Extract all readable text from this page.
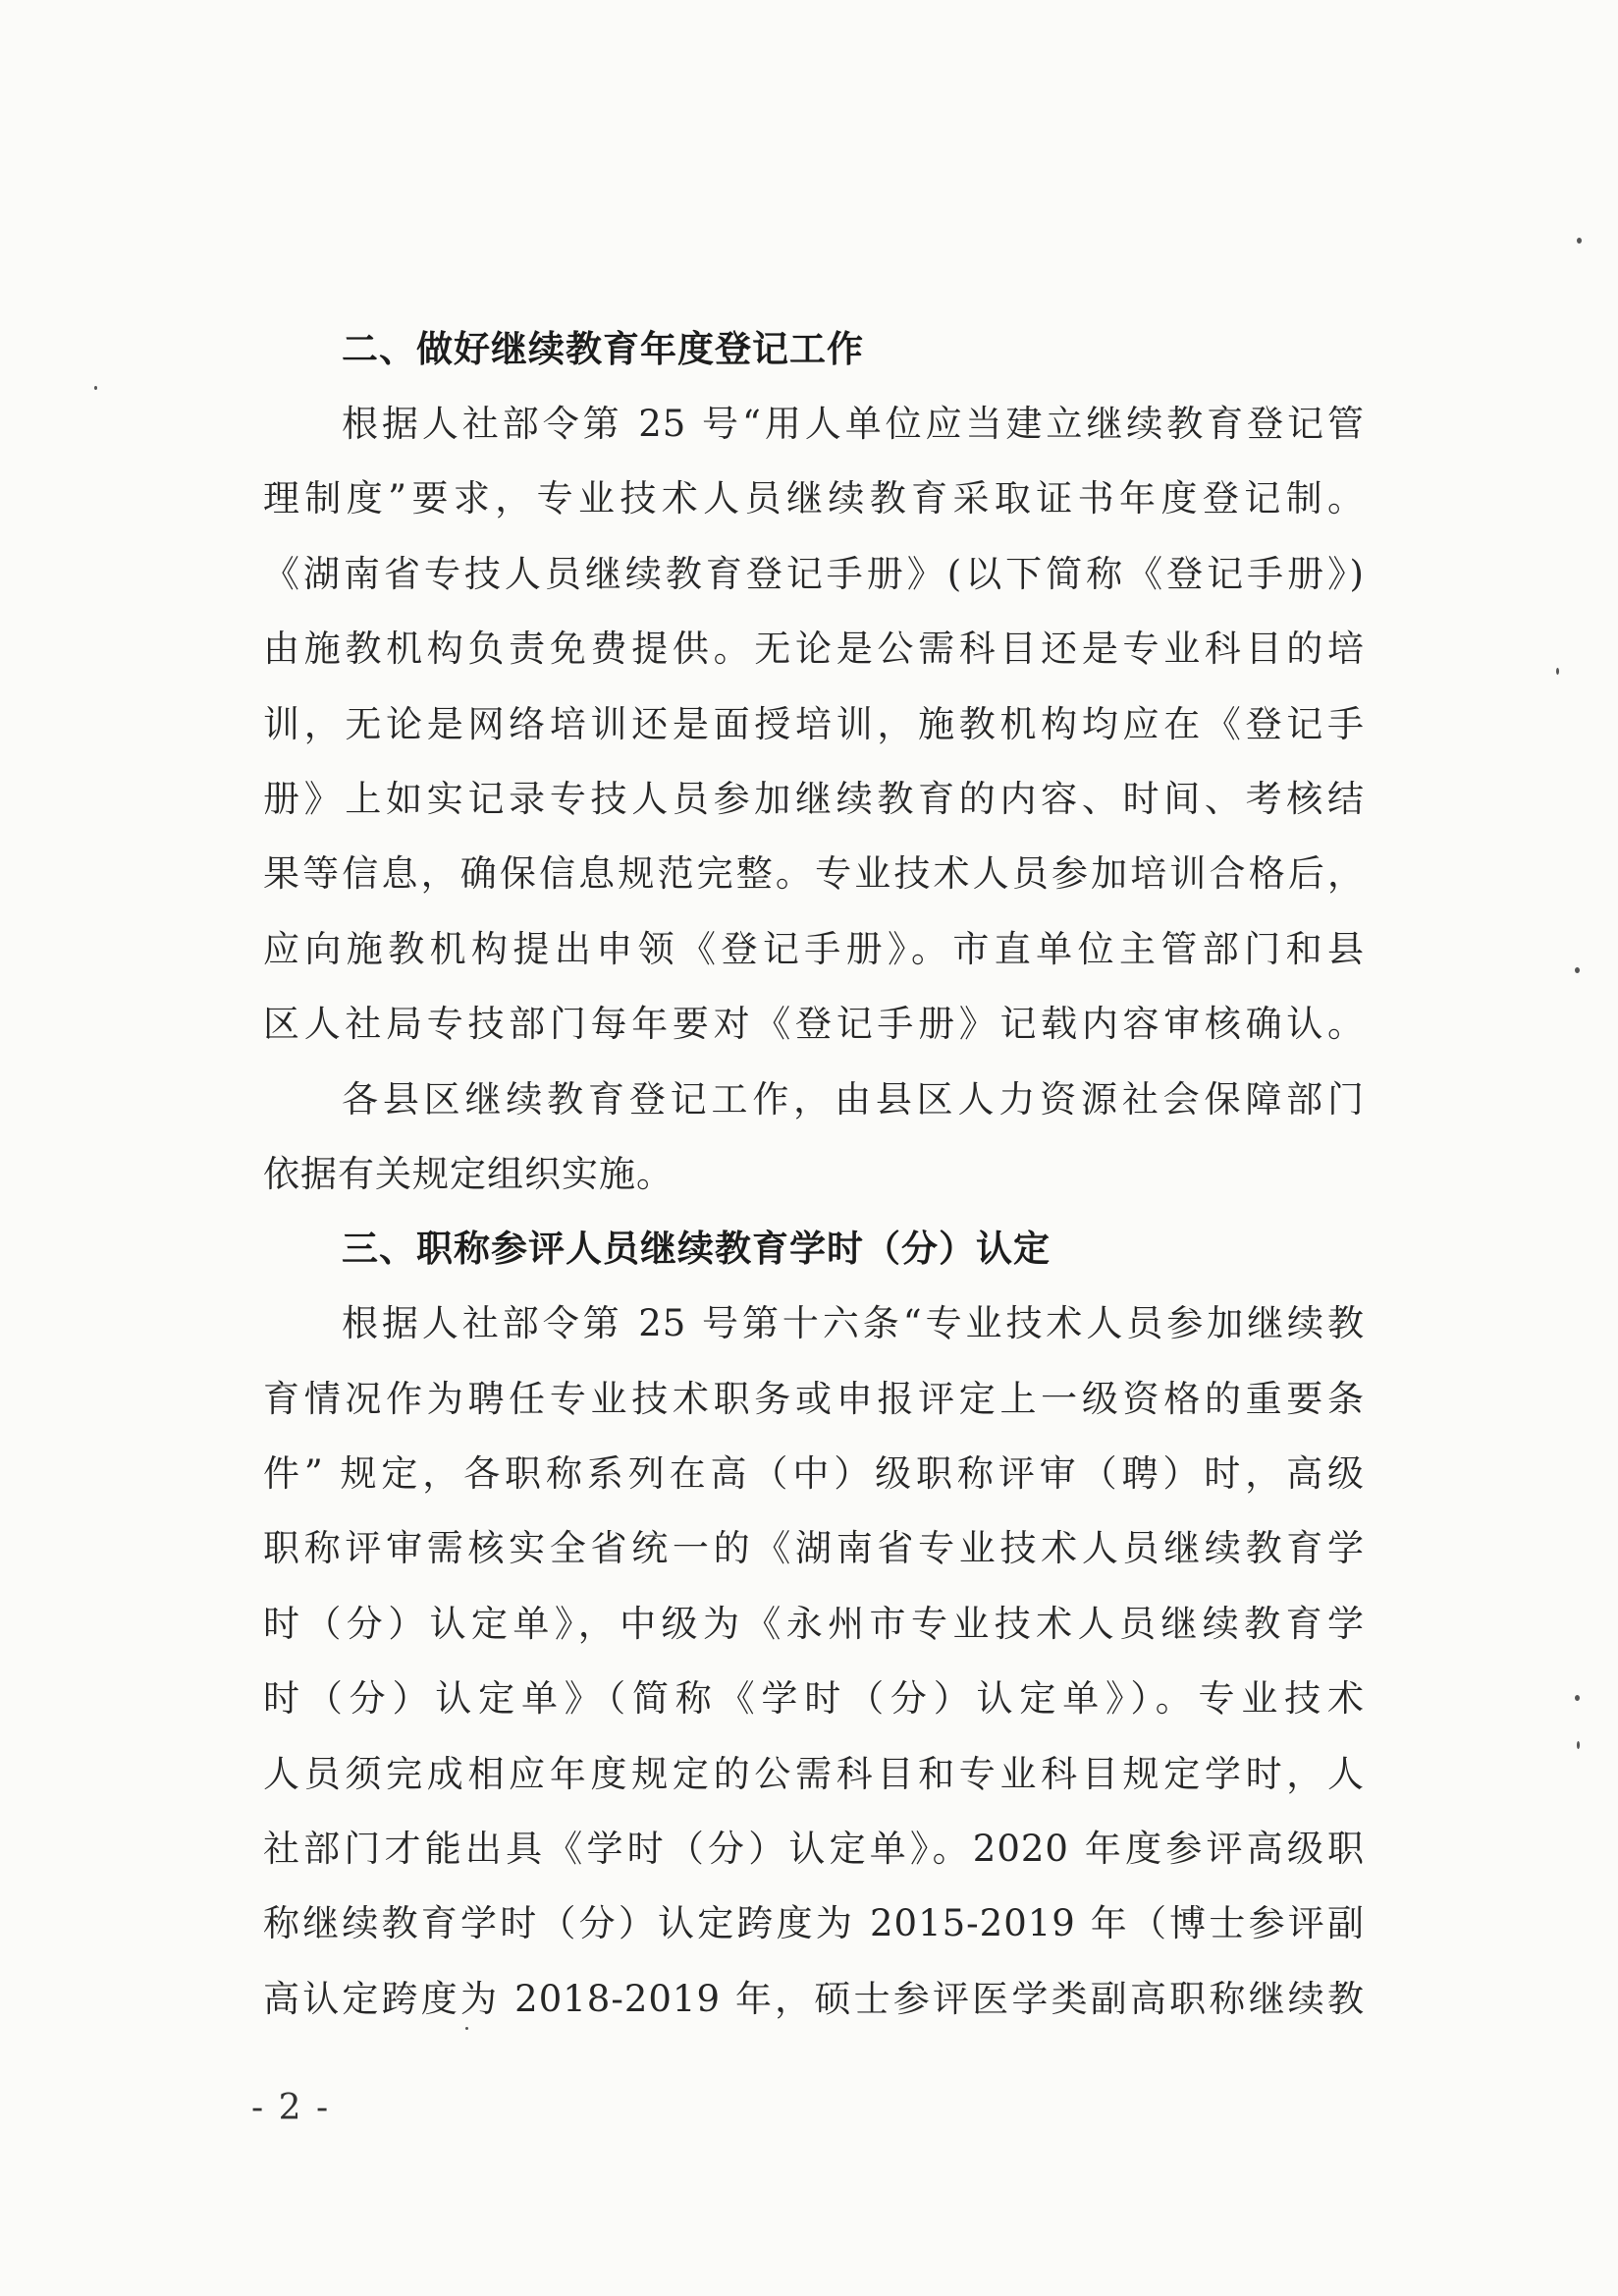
二、做好继续教育年度登记工作

根据人社部令第 25 号“用人单位应当建立继续教育登记管
理制度”要求，专业技术人员继续教育采取证书年度登记制。
《湖南省专技人员继续教育登记手册》(以下简称《登记手册》)
由施教机构负责免费提供。无论是公需科目还是专业科目的培
训，无论是网络培训还是面授培训，施教机构均应在《登记手
册》上如实记录专技人员参加继续教育的内容、时间、考核结
果等信息，确保信息规范完整。专业技术人员参加培训合格后，
应向施教机构提出申领《登记手册》。市直单位主管部门和县
区人社局专技部门每年要对《登记手册》记载内容审核确认。

各县区继续教育登记工作，由县区人力资源社会保障部门
依据有关规定组织实施。

三、职称参评人员继续教育学时（分）认定

根据人社部令第 25 号第十六条“专业技术人员参加继续教
育情况作为聘任专业技术职务或申报评定上一级资格的重要条
件” 规定，各职称系列在高（中）级职称评审（聘）时，高级
职称评审需核实全省统一的《湖南省专业技术人员继续教育学
时（分）认定单》，中级为《永州市专业技术人员继续教育学
时（分）认定单》（简称《学时（分）认定单》）。专业技术
人员须完成相应年度规定的公需科目和专业科目规定学时，人
社部门才能出具《学时（分）认定单》。2020 年度参评高级职
称继续教育学时（分）认定跨度为 2015-2019 年（博士参评副
高认定跨度为 2018-2019 年，硕士参评医学类副高职称继续教

- 2 -
